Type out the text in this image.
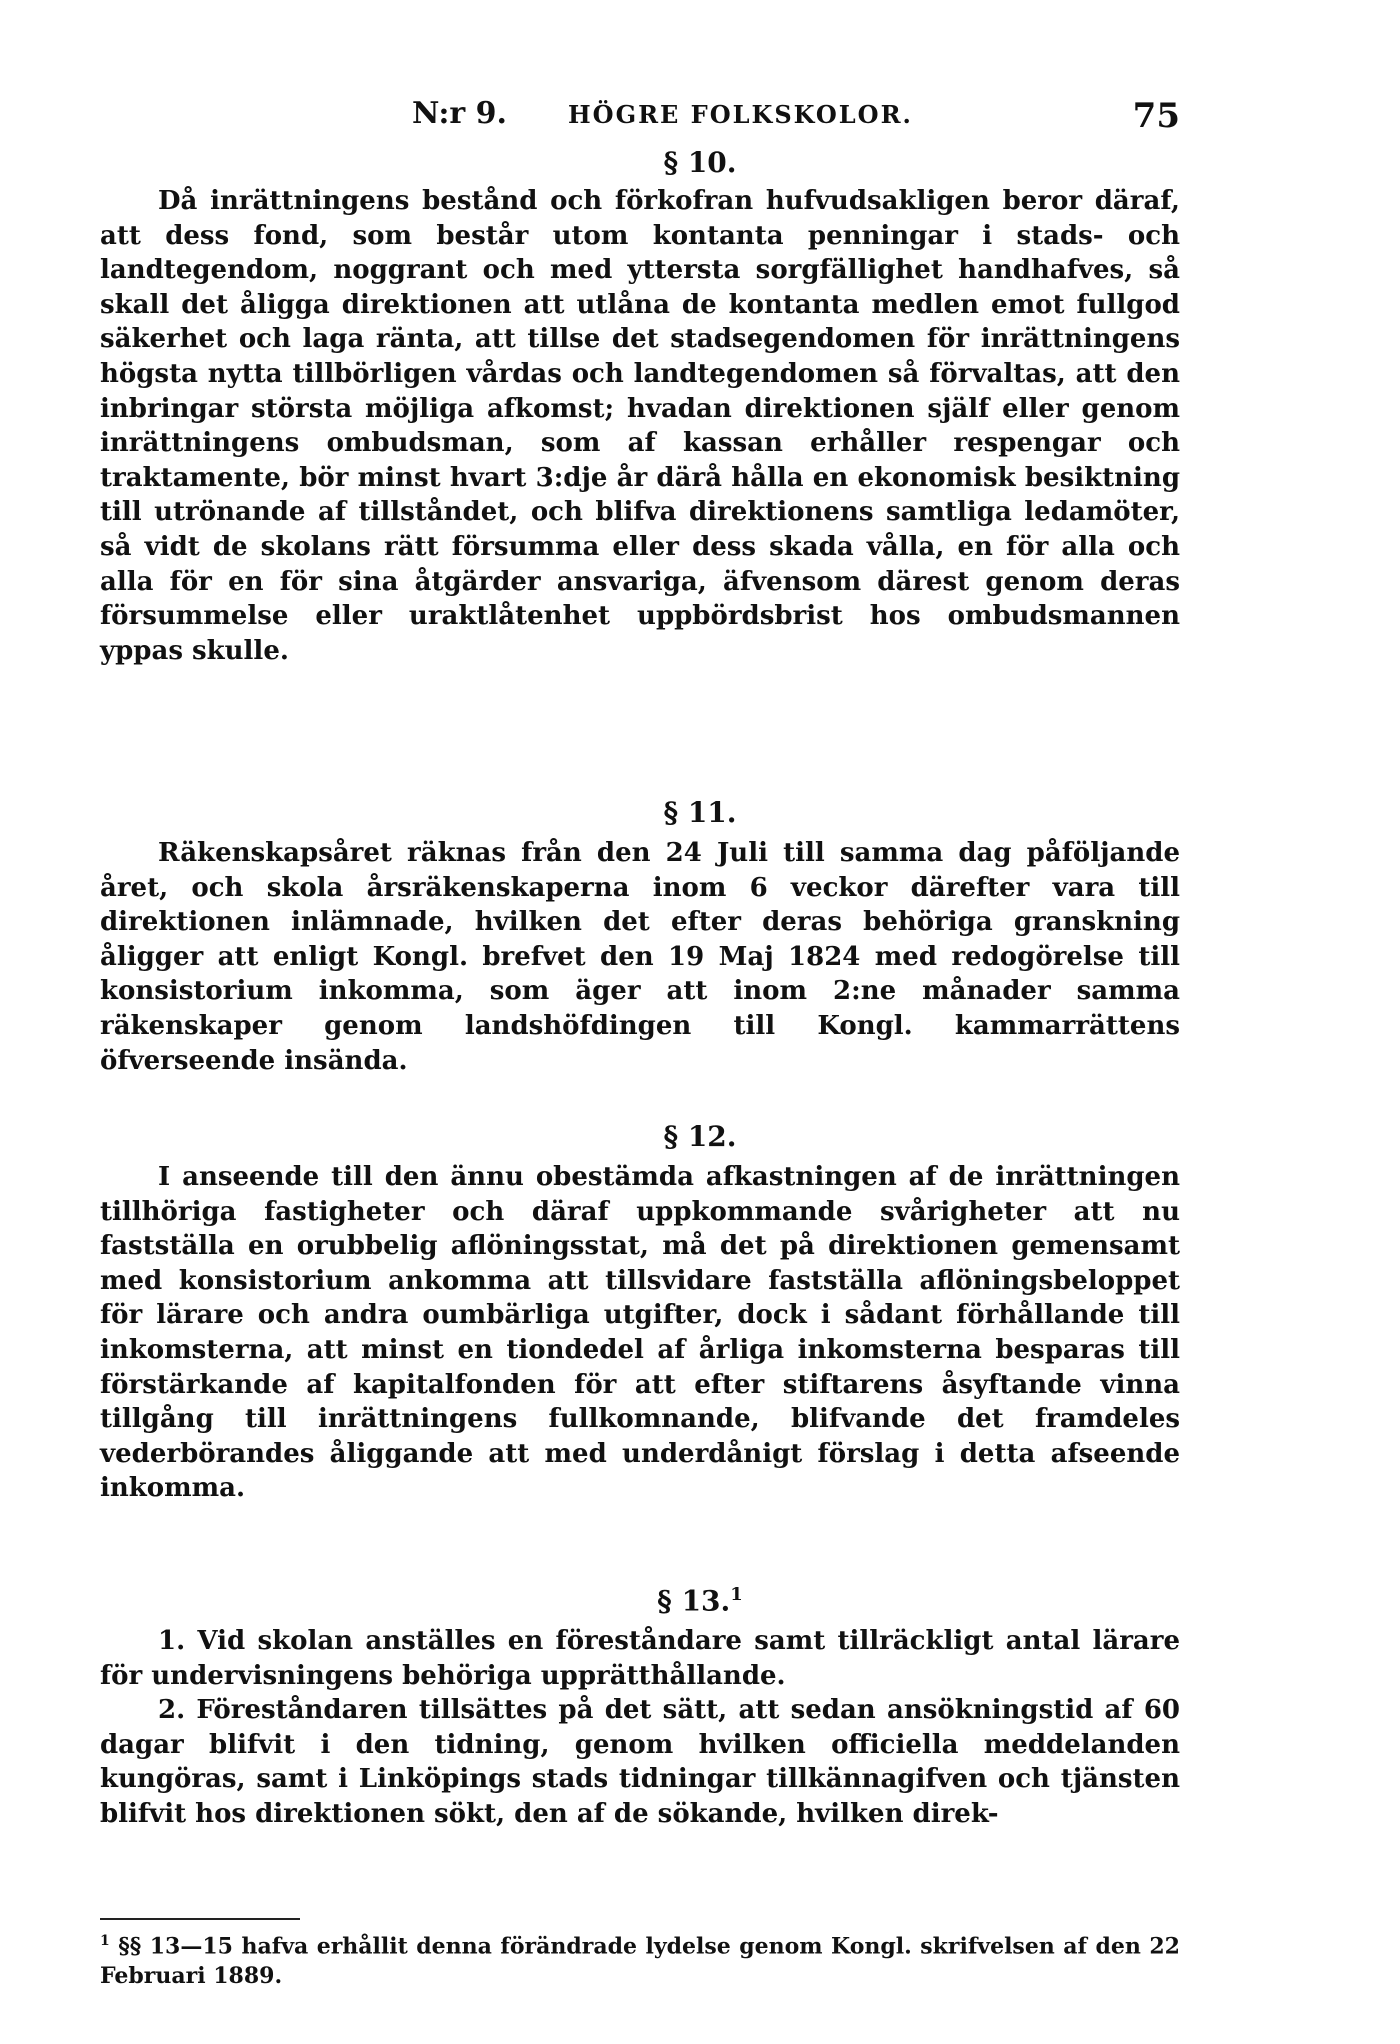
N:r 9.	HÖGRE FOLKSKOLOR.	75
§ 10.

Då inrättningens bestånd och förkofran hufvudsakligen beror däraf, att dess fond, som består utom kontanta penningar i stads- och landtegendom, noggrant och med yttersta sorgfällighet handhafves, så skall det åligga direktionen att utlåna de kontanta medlen emot fullgod säkerhet och laga ränta, att tillse det stadsegendomen för inrättningens högsta nytta tillbörligen vårdas och landtegendomen så förvaltas, att den inbringar största möjliga afkomst; hvadan direktionen själf eller genom inrättningens ombudsman, som af kassan erhåller respengar och traktamente, bör minst hvart 3:dje år därå hålla en ekonomisk besiktning till utrönande af tillståndet, och blifva direktionens samtliga ledamöter, så vidt de skolans rätt försumma eller dess skada vålla, en för alla och alla för en för sina åtgärder ansvariga, äfvensom därest genom deras försummelse eller uraktlåtenhet uppbördsbrist hos ombudsmannen yppas skulle.

§ 11.

Räkenskapsåret räknas från den 24 Juli till samma dag påföljande året, och skola årsräkenskaperna inom 6 veckor därefter vara till direktionen inlämnade, hvilken det efter deras behöriga granskning åligger att enligt Kongl. brefvet den 19 Maj 1824 med redogörelse till konsistorium inkomma, som äger att inom 2:ne månader samma räkenskaper genom landshöfdingen till Kongl. kammarrättens öfverseende insända.

§ 12.

I anseende till den ännu obestämda afkastningen af de inrättningen tillhöriga fastigheter och däraf uppkommande svårigheter att nu fastställa en orubbelig aflöningsstat, må det på direktionen gemensamt med konsistorium ankomma att tillsvidare fastställa aflöningsbeloppet för lärare och andra oumbärliga utgifter, dock i sådant förhållande till inkomsterna, att minst en tiondedel af årliga inkomsterna besparas till förstärkande af kapitalfonden för att efter stiftarens åsyftande vinna tillgång till inrättningens fullkomnande, blifvande det framdeles vederbörandes åliggande att med underdånigt förslag i detta afseende inkomma.

§ 13.$^1$

1. Vid skolan anställes en föreståndare samt tillräckligt antal lärare för undervisningens behöriga upprätthållande.

2. Föreståndaren tillsättes på det sätt, att sedan ansökningstid af 60 dagar blifvit i den tidning, genom hvilken officiella meddelanden kungöras, samt i Linköpings stads tidningar tillkännagifven och tjänsten blifvit hos direktionen sökt, den af de sökande, hvilken direk-

$^1$ §§ 13—15 hafva erhållit denna förändrade lydelse genom Kongl. skrifvelsen af den 22 Februari 1889.
